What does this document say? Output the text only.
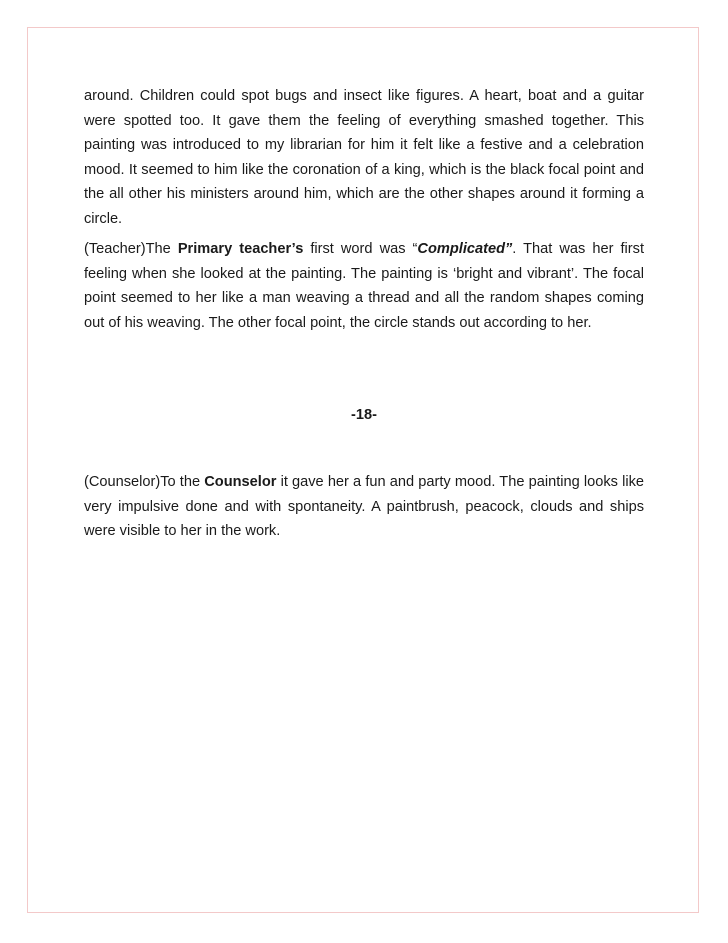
around. Children could spot bugs and insect like figures. A heart, boat and a guitar were spotted too. It gave them the feeling of everything smashed together. This painting was introduced to my librarian for him it felt like a festive and a celebration mood. It seemed to him like the coronation of a king, which is the black focal point and the all other his ministers around him, which are the other shapes around it forming a circle.

(Teacher)The Primary teacher’s first word was “Complicated”. That was her first feeling when she looked at the painting. The painting is ‘bright and vibrant’. The focal point seemed to her like a man weaving a thread and all the random shapes coming out of his weaving. The other focal point, the circle stands out according to her.

-18-

(Counselor)To the Counselor it gave her a fun and party mood. The painting looks like very impulsive done and with spontaneity. A paintbrush, peacock, clouds and ships were visible to her in the work.
